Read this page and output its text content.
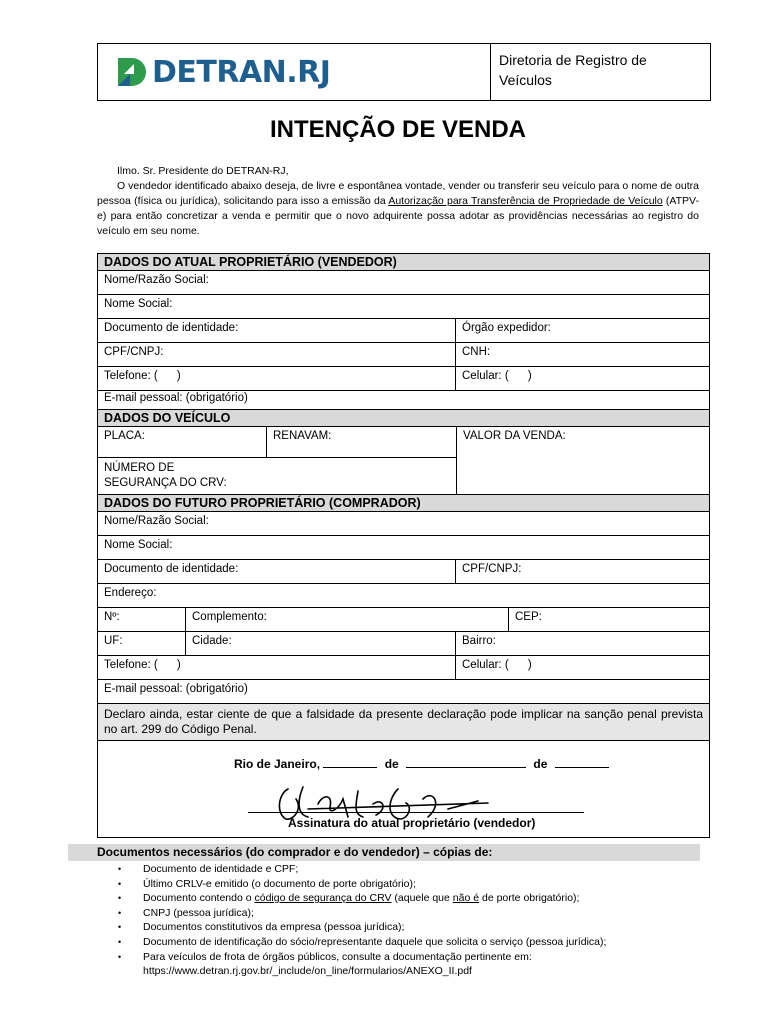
DETRAN.RJ	Diretoria de Registro de Veículos
INTENÇÃO DE VENDA

Ilmo. Sr. Presidente do DETRAN-RJ,

O vendedor identificado abaixo deseja, de livre e espontânea vontade, vender ou transferir seu veículo para o nome de outra pessoa (física ou jurídica), solicitando para isso a emissão da Autorização para Transferência de Propriedade de Veículo (ATPV-e) para então concretizar a venda e permitir que o novo adquirente possa adotar as providências necessárias ao registro do veículo em seu nome.

DADOS DO ATUAL PROPRIETÁRIO (VENDEDOR)
Nome/Razão Social:
Nome Social:
Documento de identidade:	Órgão expedidor:
CPF/CNPJ:	CNH:
Telefone: (      )	Celular: (      )
E-mail pessoal: (obrigatório)
DADOS DO VEÍCULO
PLACA:	RENAVAM:
NÚMERO DE
SEGURANÇA DO CRV:
VALOR DA VENDA:
DADOS DO FUTURO PROPRIETÁRIO (COMPRADOR)
Nome/Razão Social:
Nome Social:
Documento de identidade:	CPF/CNPJ:
Endereço:
Nº:	Complemento:	CEP:
UF:	Cidade:	Bairro:
Telefone: (      )	Celular: (      )
E-mail pessoal: (obrigatório)
Declaro ainda, estar ciente de que a falsidade da presente declaração pode implicar na sanção penal prevista no art. 299 do Código Penal.
Rio de Janeiro,	de	de
Assinatura do atual proprietário (vendedor)
Documentos necessários (do comprador e do vendedor) – cópias de:
• Documento de identidade e CPF;
• Último CRLV-e emitido (o documento de porte obrigatório);
• Documento contendo o código de segurança do CRV (aquele que não é de porte obrigatório);
• CNPJ (pessoa jurídica);
• Documentos constitutivos da empresa (pessoa jurídica);
• Documento de identificação do sócio/representante daquele que solicita o serviço (pessoa jurídica);
• Para veículos de frota de órgãos públicos, consulte a documentação pertinente em:
https://www.detran.rj.gov.br/_include/on_line/formularios/ANEXO_II.pdf
